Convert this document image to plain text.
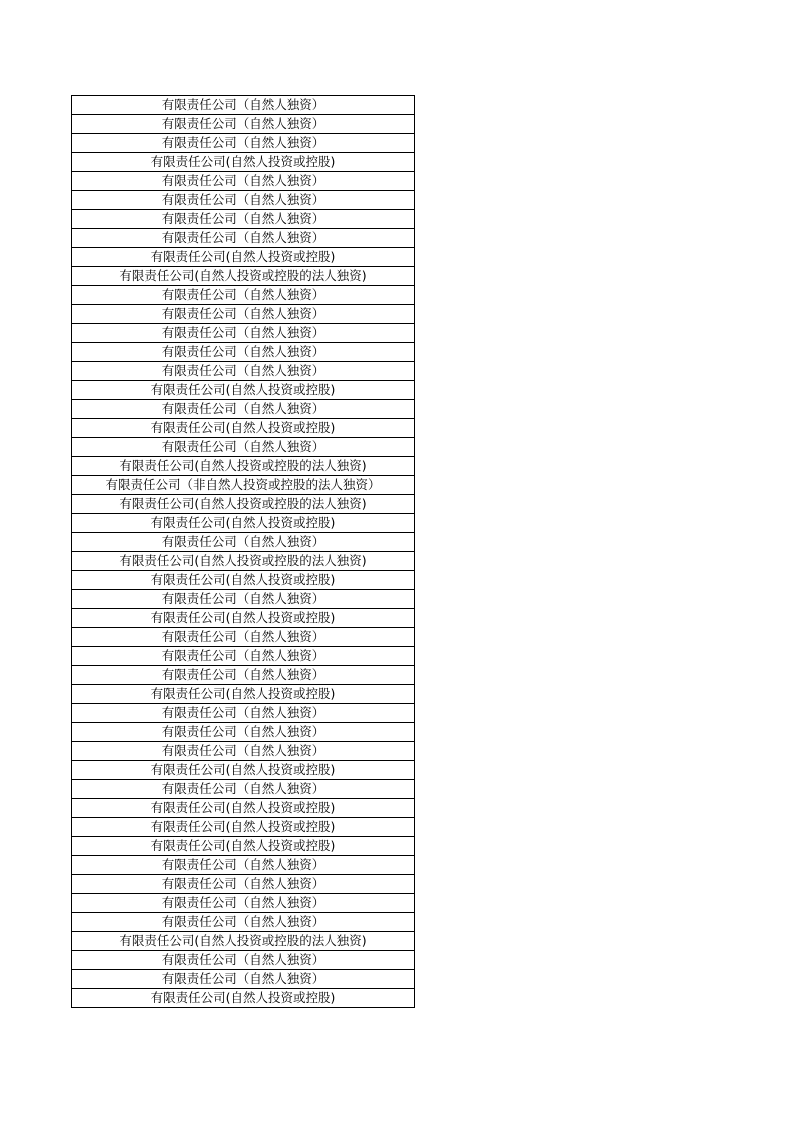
有限责任公司（自然人独资）
有限责任公司（自然人独资）
有限责任公司（自然人独资）
有限责任公司(自然人投资或控股)
有限责任公司（自然人独资）
有限责任公司（自然人独资）
有限责任公司（自然人独资）
有限责任公司（自然人独资）
有限责任公司(自然人投资或控股)
有限责任公司(自然人投资或控股的法人独资)
有限责任公司（自然人独资）
有限责任公司（自然人独资）
有限责任公司（自然人独资）
有限责任公司（自然人独资）
有限责任公司（自然人独资）
有限责任公司(自然人投资或控股)
有限责任公司（自然人独资）
有限责任公司(自然人投资或控股)
有限责任公司（自然人独资）
有限责任公司(自然人投资或控股的法人独资)
有限责任公司（非自然人投资或控股的法人独资）
有限责任公司(自然人投资或控股的法人独资)
有限责任公司(自然人投资或控股)
有限责任公司（自然人独资）
有限责任公司(自然人投资或控股的法人独资)
有限责任公司(自然人投资或控股)
有限责任公司（自然人独资）
有限责任公司(自然人投资或控股)
有限责任公司（自然人独资）
有限责任公司（自然人独资）
有限责任公司（自然人独资）
有限责任公司(自然人投资或控股)
有限责任公司（自然人独资）
有限责任公司（自然人独资）
有限责任公司（自然人独资）
有限责任公司(自然人投资或控股)
有限责任公司（自然人独资）
有限责任公司(自然人投资或控股)
有限责任公司(自然人投资或控股)
有限责任公司(自然人投资或控股)
有限责任公司（自然人独资）
有限责任公司（自然人独资）
有限责任公司（自然人独资）
有限责任公司（自然人独资）
有限责任公司(自然人投资或控股的法人独资)
有限责任公司（自然人独资）
有限责任公司（自然人独资）
有限责任公司(自然人投资或控股)
